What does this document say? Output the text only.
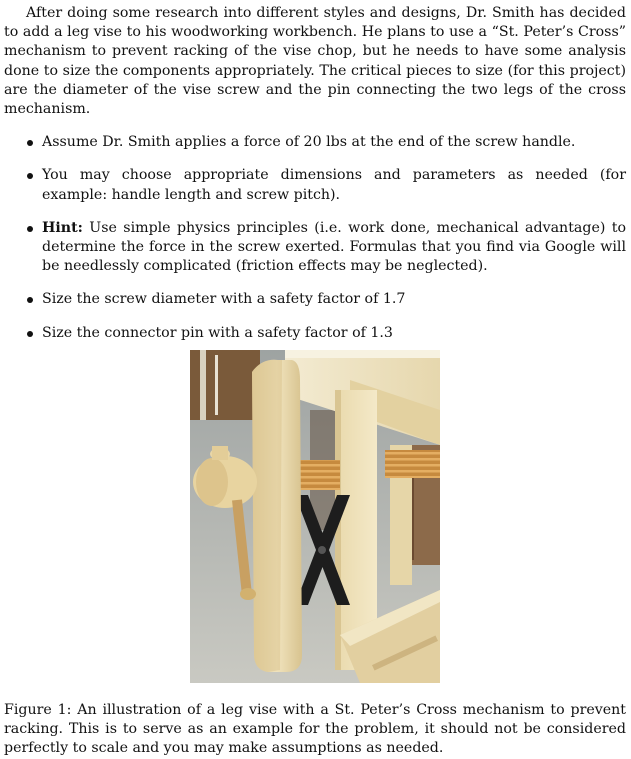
After doing some research into different styles and designs, Dr. Smith has decided to add a leg vise to his woodworking workbench. He plans to use a “St. Peter’s Cross” mechanism to prevent racking of the vise chop, but he needs to have some analysis done to size the components appropriately. The critical pieces to size (for this project) are the diameter of the vise screw and the pin connecting the two legs of the cross mechanism.

Assume Dr. Smith applies a force of 20 lbs at the end of the screw handle.
You may choose appropriate dimensions and parameters as needed (for example: handle length and screw pitch).
Hint: Use simple physics principles (i.e. work done, mechanical advantage) to determine the force in the screw exerted. Formulas that you find via Google will be needlessly complicated (friction effects may be neglected).
Size the screw diameter with a safety factor of 1.7
Size the connector pin with a safety factor of 1.3

Figure 1: An illustration of a leg vise with a St. Peter’s Cross mechanism to prevent racking. This is to serve as an example for the problem, it should not be considered perfectly to scale and you may make assumptions as needed.
